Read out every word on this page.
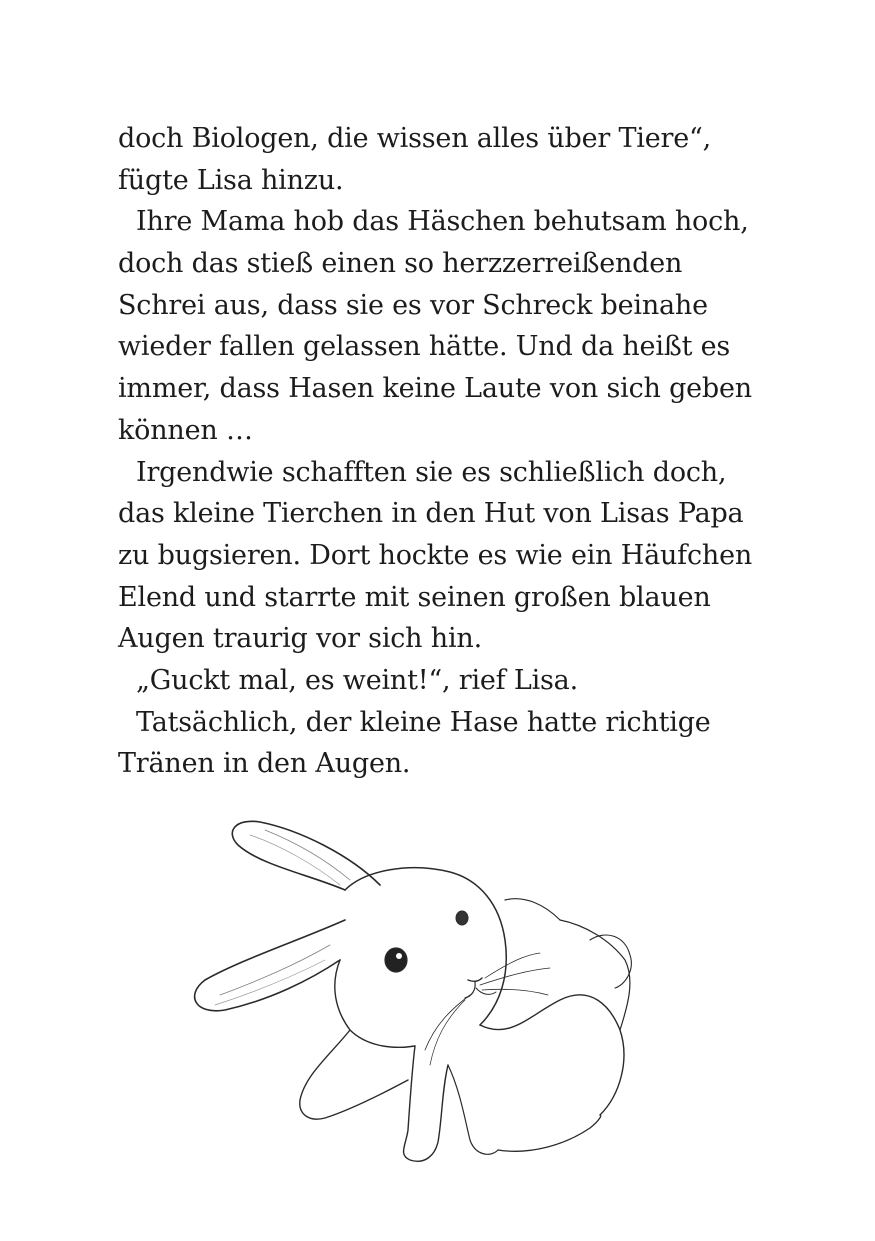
doch Biologen, die wissen alles über Tiere“,
fügte Lisa hinzu.
Ihre Mama hob das Häschen behutsam hoch,
doch das stieß einen so herzzerreißenden
Schrei aus, dass sie es vor Schreck beinahe
wieder fallen gelassen hätte. Und da heißt es
immer, dass Hasen keine Laute von sich geben
können …
Irgendwie schafften sie es schließlich doch,
das kleine Tierchen in den Hut von Lisas Papa
zu bugsieren. Dort hockte es wie ein Häufchen
Elend und starrte mit seinen großen blauen
Augen traurig vor sich hin.
„Guckt mal, es weint!“, rief Lisa.
Tatsächlich, der kleine Hase hatte richtige
Tränen in den Augen.
